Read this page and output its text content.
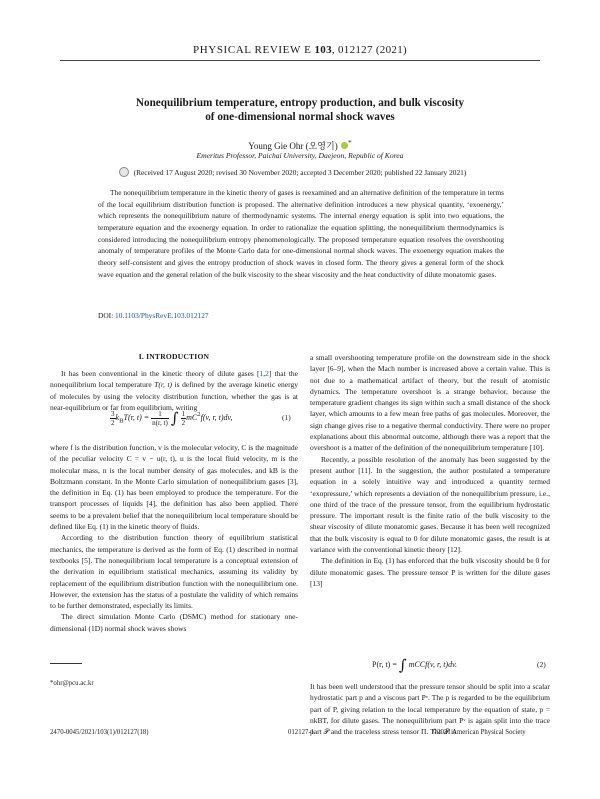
PHYSICAL REVIEW E 103, 012127 (2021)
Nonequilibrium temperature, entropy production, and bulk viscosity
of one-dimensional normal shock waves
Young Gie Ohr (오영기) *
Emeritus Professor, Paichai University, Daejeon, Republic of Korea
(Received 17 August 2020; revised 30 November 2020; accepted 3 December 2020; published 22 January 2021)

The nonequilibrium temperature in the kinetic theory of gases is reexamined and an alternative definition of the temperature in terms of the local equilibrium distribution function is proposed. The alternative definition introduces a new physical quantity, ‘exoenergy,’ which represents the nonequilibrium nature of thermodynamic systems. The internal energy equation is split into two equations, the temperature equation and the exoenergy equation. In order to rationalize the equation splitting, the nonequilibrium thermodynamics is considered introducing the nonequilibrium entropy phenomenologically. The proposed temperature equation resolves the overshooting anomaly of temperature profiles of the Monte Carlo data for one-dimensional normal shock waves. The exoenergy equation makes the theory self-consistent and gives the entropy production of shock waves in closed form. The theory gives a general form of the shock wave equation and the general relation of the bulk viscosity to the shear viscosity and the heat conductivity of dilute monatomic gases.

DOI: 10.1103/PhysRevE.103.012127
I. INTRODUCTION

It has been conventional in the kinetic theory of dilute gases [1,2] that the nonequilibrium local temperature T(r, t) is defined by the average kinetic energy of molecules by using the velocity distribution function, whether the gas is at near-equilibrium or far from equilibrium, writing

$\frac{3}{2} k_BT(r$, $t) = \frac{1}{n(r, t)}$ ∫ $\frac{1}{2} mC^2f(v$, r, t)dv,	(1)

where f is the distribution function, v is the molecular velocity, C is the magnitude of the peculiar velocity C = v − u(r, t), u is the local fluid velocity, m is the molecular mass, n is the local number density of gas molecules, and kB is the Boltzmann constant. In the Monte Carlo simulation of nonequilibrium gases [3], the definition in Eq. (1) has been employed to produce the temperature. For the transport processes of liquids [4], the definition has also been applied. There seems to be a prevalent belief that the nonequilibrium local temperature should be defined like Eq. (1) in the kinetic theory of fluids.

According to the distribution function theory of equilibrium statistical mechanics, the temperature is derived as the form of Eq. (1) described in normal textbooks [5]. The nonequilibrium local temperature is a conceptual extension of the derivation in equilibrium statistical mechanics, assuming its validity by replacement of the equilibrium distribution function with the nonequilibrium one. However, the extension has the status of a postulate the validity of which remains to be further demonstrated, especially its limits.

The direct simulation Monte Carlo (DSMC) method for stationary one-dimensional (1D) normal shock waves shows

*ohr@pcu.ac.kr

a small overshooting temperature profile on the downstream side in the shock layer [6–9], when the Mach number is increased above a certain value. This is not due to a mathematical artifact of theory, but the result of atomistic dynamics. The temperature overshoot is a strange behavior, because the temperature gradient changes its sign within such a small distance of the shock layer, which amounts to a few mean free paths of gas molecules. Moreover, the sign change gives rise to a negative thermal conductivity. There were no proper explanations about this abnormal outcome, although there was a report that the overshoot is a matter of the definition of the nonequilibrium temperature [10].

Recently, a possible resolution of the anomaly has been suggested by the present author [11]. In the suggestion, the author postulated a temperature equation in a solely intuitive way and introduced a quantity termed ‘exopressure,’ which represents a deviation of the nonequilibrium pressure, i.e., one third of the trace of the pressure tensor, from the equilibrium hydrostatic pressure. The important result is the finite ratio of the bulk viscosity to the shear viscosity of dilute monatomic gases. Because it has been well recognized that the bulk viscosity is equal to 0 for dilute monatomic gases, the result is at variance with the conventional kinetic theory [12].

The definition in Eq. (1) has enforced that the bulk viscosity should be 0 for dilute monatomic gases. The pressure tensor P is written for the dilute gases [13]

P(r, t) = ∫ mCCf(v, r, t)dv.	(2)

It has been well understood that the pressure tensor should be split into a scalar hydrostatic part p and a viscous part Pᵛ. The p is regarded to be the equilibrium part of P, giving relation to the local temperature by the equation of state, p = nkBT, for dilute gases. The nonequilibrium part Pᵛ is again split into the trace part 𝒫 and the traceless stress tensor Π. The 𝒫 is

2470-0045/2021/103(1)/012127(18)	012127-1	©2021 American Physical Society
